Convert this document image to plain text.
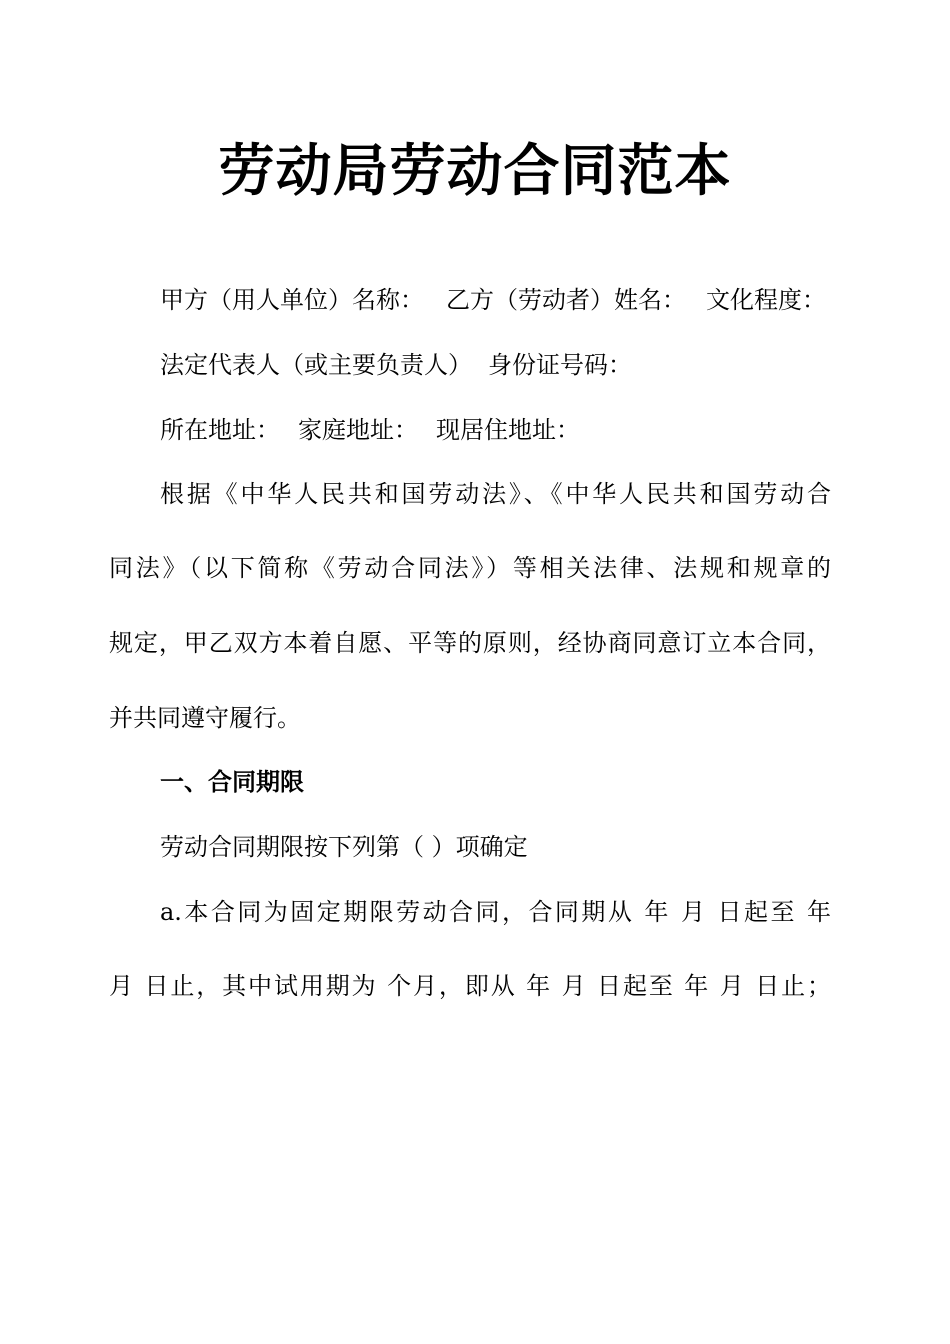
劳动局劳动合同范本

甲方（用人单位）名称： 乙方（劳动者）姓名： 文化程度：

法定代表人（或主要负责人） 身份证号码：

所在地址： 家庭地址： 现居住地址：

根据《中华人民共和国劳动法》、《中华人民共和国劳动合

同法》（以下简称《劳动合同法》）等相关法律、法规和规章的

规定，甲乙双方本着自愿、平等的原则，经协商同意订立本合同，

并共同遵守履行。

一、合同期限

劳动合同期限按下列第（ ）项确定

a.本合同为固定期限劳动合同，合同期从 年 月 日起至 年

月 日止，其中试用期为 个月，即从 年 月 日起至 年 月 日止；
